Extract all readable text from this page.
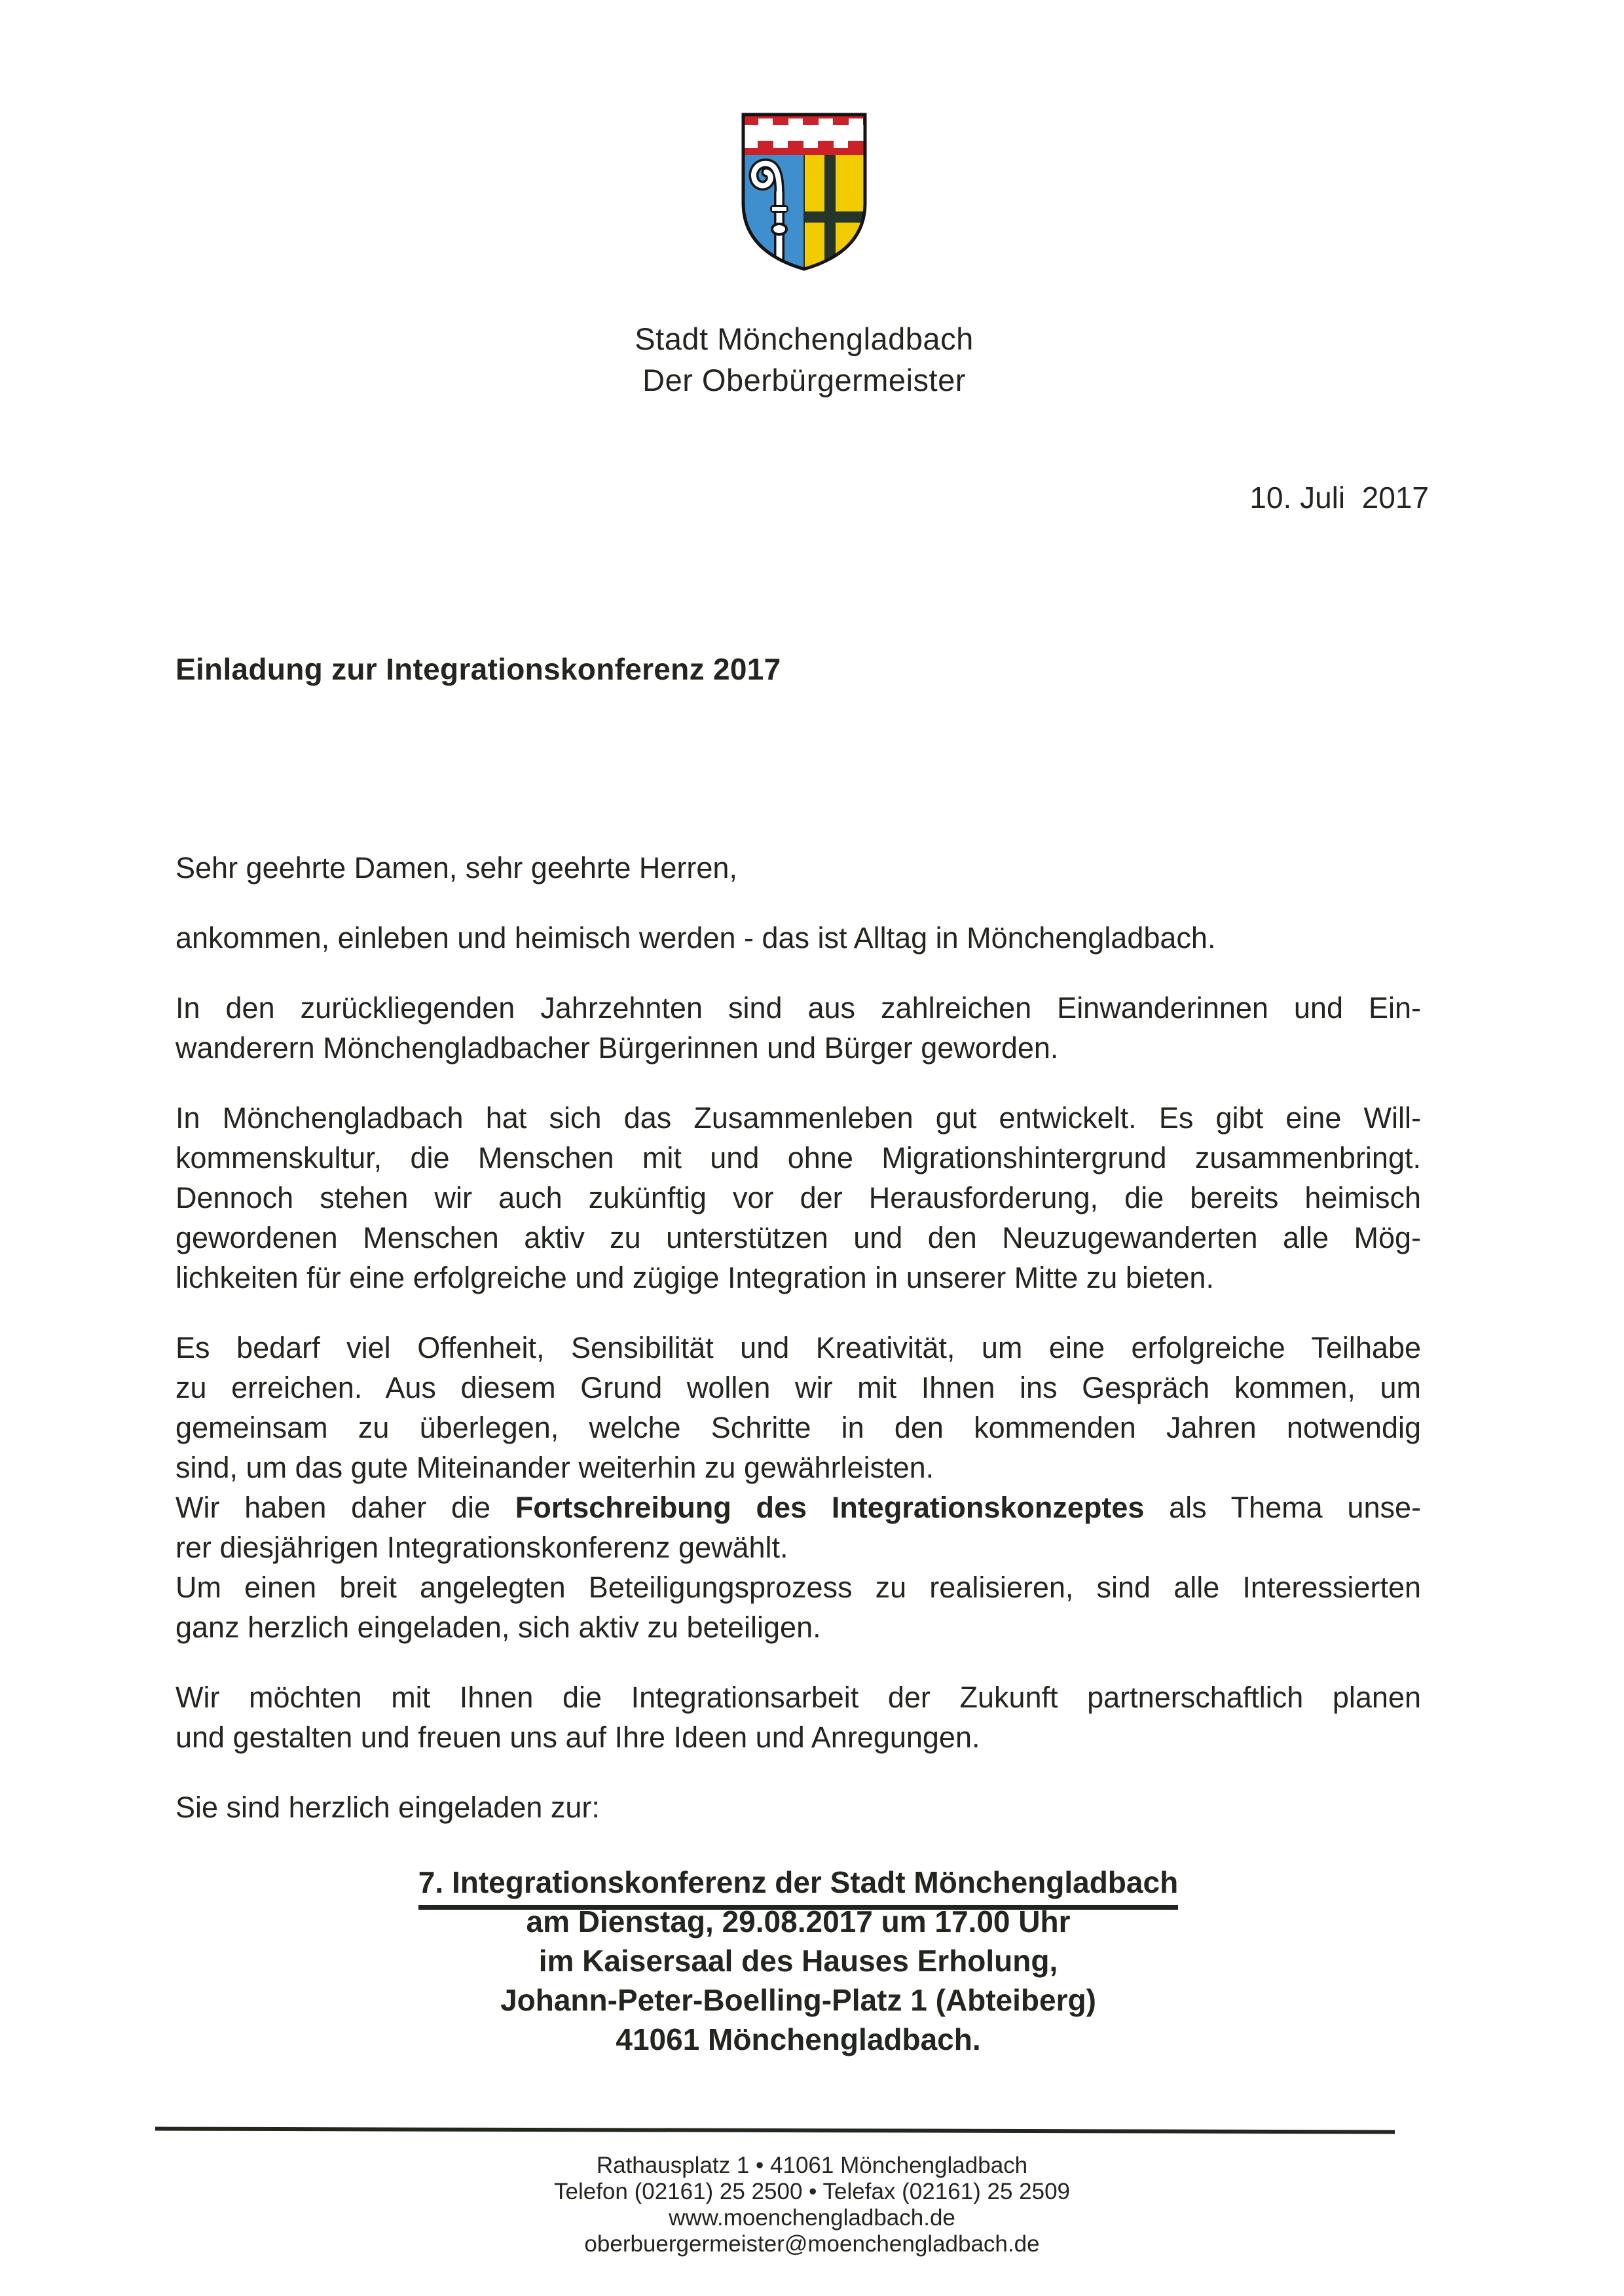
Stadt Mönchengladbach
Der Oberbürgermeister
10. Juli  2017
Einladung zur Integrationskonferenz 2017
Sehr geehrte Damen, sehr geehrte Herren,
ankommen, einleben und heimisch werden - das ist Alltag in Mönchengladbach.
In den zurückliegenden Jahrzehnten sind aus zahlreichen Einwanderinnen und Ein-
wanderern Mönchengladbacher Bürgerinnen und Bürger geworden.
In Mönchengladbach hat sich das Zusammenleben gut entwickelt. Es gibt eine Will-
kommenskultur, die Menschen mit und ohne Migrationshintergrund zusammenbringt.
Dennoch stehen wir auch zukünftig vor der Herausforderung, die bereits heimisch
gewordenen Menschen aktiv zu unterstützen und den Neuzugewanderten alle Mög-
lichkeiten für eine erfolgreiche und zügige Integration in unserer Mitte zu bieten.
Es bedarf viel Offenheit, Sensibilität und Kreativität, um eine erfolgreiche Teilhabe
zu erreichen. Aus diesem Grund wollen wir mit Ihnen ins Gespräch kommen, um
gemeinsam zu überlegen, welche Schritte in den kommenden Jahren notwendig
sind, um das gute Miteinander weiterhin zu gewährleisten.
Wir haben daher die Fortschreibung des Integrationskonzeptes als Thema unse-
rer diesjährigen Integrationskonferenz gewählt.
Um einen breit angelegten Beteiligungsprozess zu realisieren, sind alle Interessierten
ganz herzlich eingeladen, sich aktiv zu beteiligen.
Wir möchten mit Ihnen die Integrationsarbeit der Zukunft partnerschaftlich planen
und gestalten und freuen uns auf Ihre Ideen und Anregungen.
Sie sind herzlich eingeladen zur:
7. Integrationskonferenz der Stadt Mönchengladbach
am Dienstag, 29.08.2017 um 17.00 Uhr
im Kaisersaal des Hauses Erholung,
Johann-Peter-Boelling-Platz 1 (Abteiberg)
41061 Mönchengladbach.
Rathausplatz 1 • 41061 Mönchengladbach
Telefon (02161) 25 2500 • Telefax (02161) 25 2509
www.moenchengladbach.de
oberbuergermeister@moenchengladbach.de
